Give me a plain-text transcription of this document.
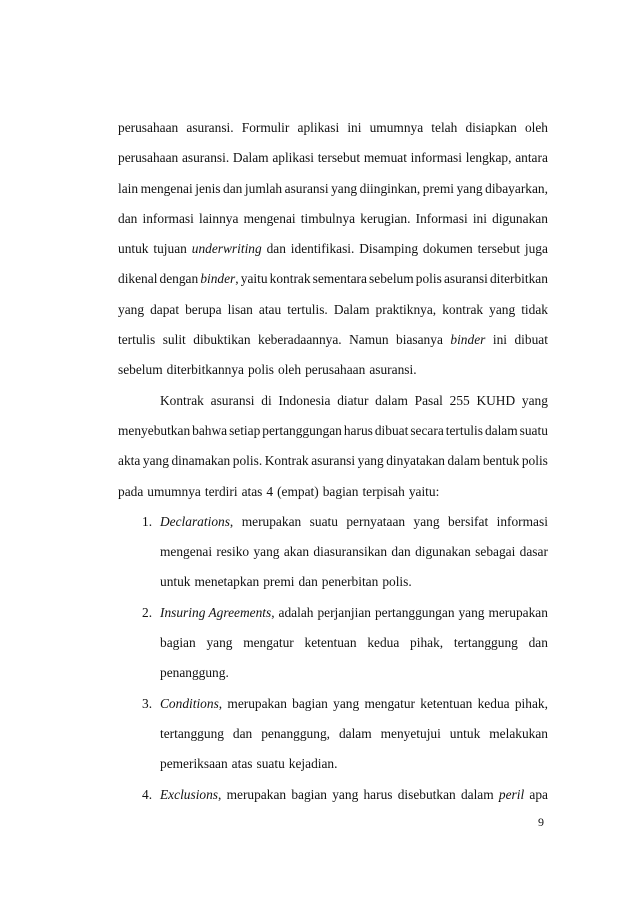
perusahaan asuransi. Formulir aplikasi ini umumnya telah disiapkan oleh
perusahaan asuransi. Dalam aplikasi tersebut memuat informasi lengkap, antara
lain mengenai jenis dan jumlah asuransi yang diinginkan, premi yang dibayarkan,
dan informasi lainnya mengenai timbulnya kerugian. Informasi ini digunakan
untuk tujuan underwriting dan identifikasi. Disamping dokumen tersebut juga
dikenal dengan binder, yaitu kontrak sementara sebelum polis asuransi diterbitkan
yang dapat berupa lisan atau tertulis. Dalam praktiknya, kontrak yang tidak
tertulis sulit dibuktikan keberadaannya. Namun biasanya binder ini dibuat
sebelum diterbitkannya polis oleh perusahaan asuransi.
Kontrak asuransi di Indonesia diatur dalam Pasal 255 KUHD yang
menyebutkan bahwa setiap pertanggungan harus dibuat secara tertulis dalam suatu
akta yang dinamakan polis. Kontrak asuransi yang dinyatakan dalam bentuk polis
pada umumnya terdiri atas 4 (empat) bagian terpisah yaitu:
1. Declarations, merupakan suatu pernyataan yang bersifat informasi
mengenai resiko yang akan diasuransikan dan digunakan sebagai dasar
untuk menetapkan premi dan penerbitan polis.
2. Insuring Agreements, adalah perjanjian pertanggungan yang merupakan
bagian yang mengatur ketentuan kedua pihak, tertanggung dan
penanggung.
3. Conditions, merupakan bagian yang mengatur ketentuan kedua pihak,
tertanggung dan penanggung, dalam menyetujui untuk melakukan
pemeriksaan atas suatu kejadian.
4. Exclusions, merupakan bagian yang harus disebutkan dalam peril apa
9
